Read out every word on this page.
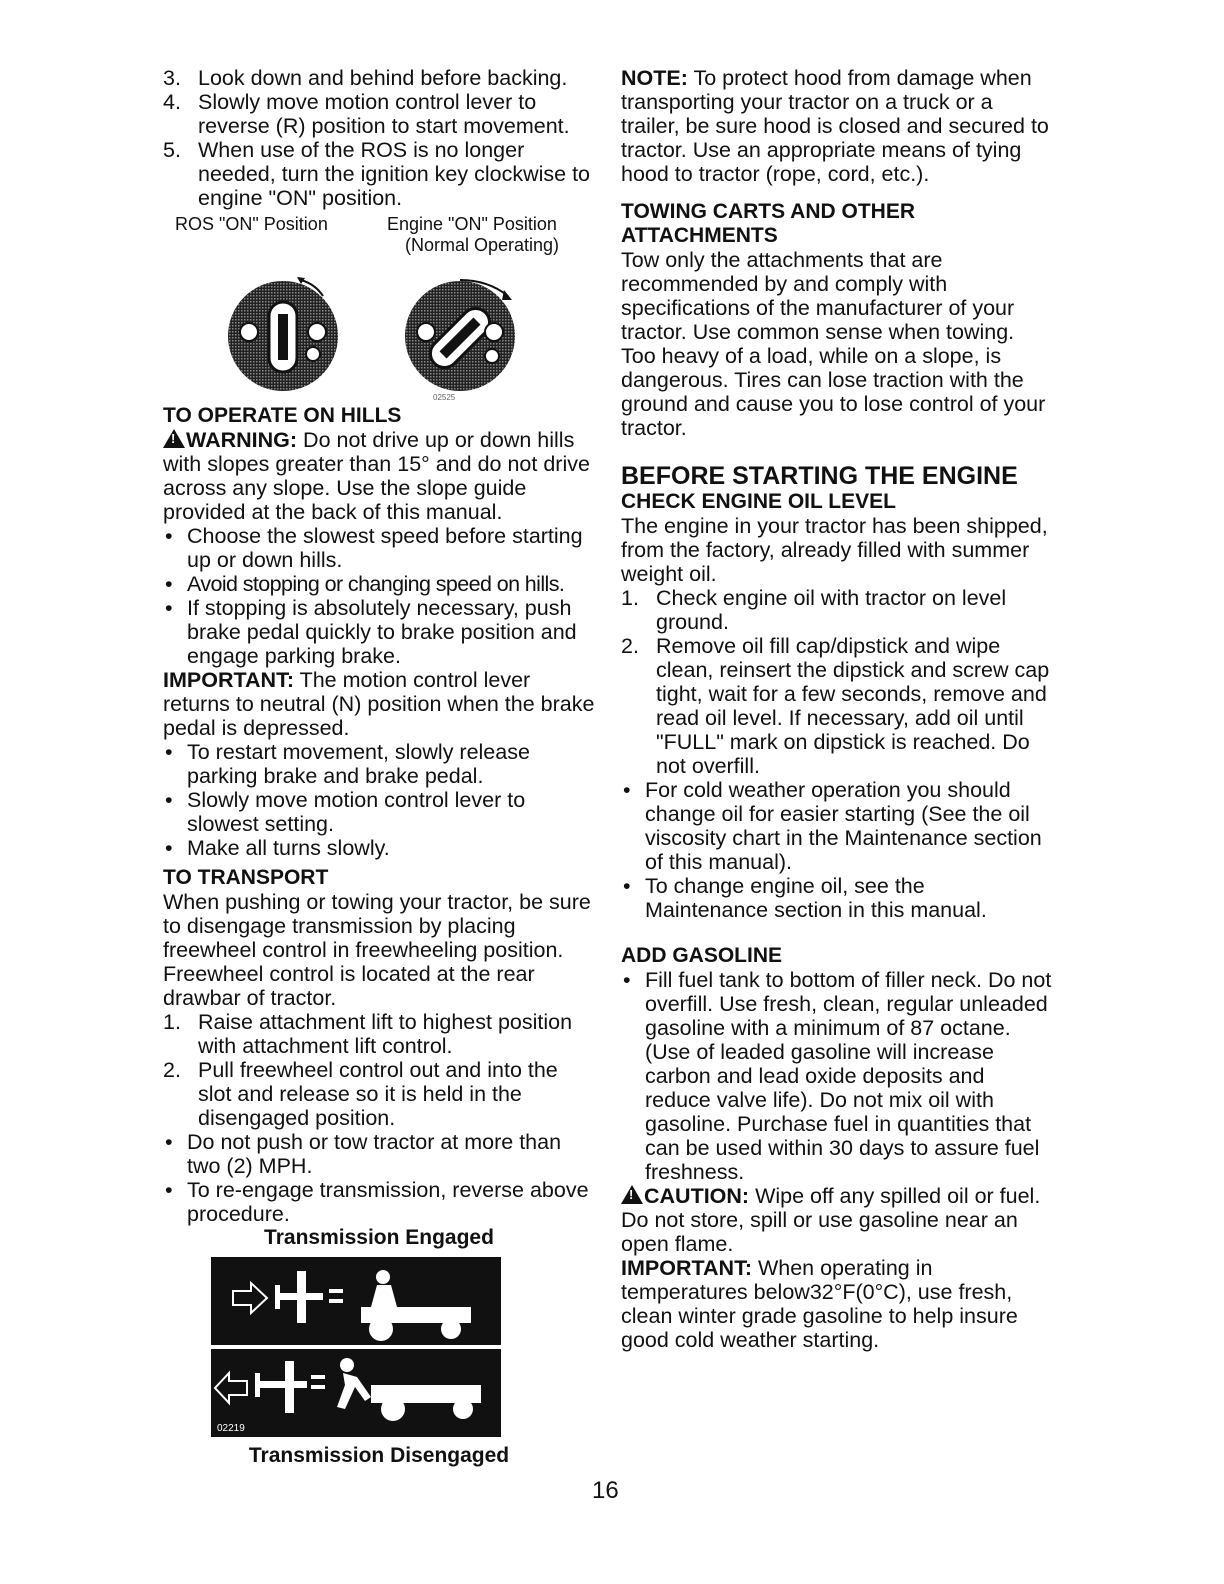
3. Look down and behind before backing.

4. Slowly move motion control lever to reverse (R) position to start movement.

5. When use of the ROS is no longer needed, turn the ignition key clockwise to engine "ON" position.

ROS "ON" Position	Engine "ON" Position
(Normal Operating)
02525
TO OPERATE ON HILLS

!WARNING: Do not drive up or down hills with slopes greater than 15° and do not drive across any slope. Use the slope guide provided at the back of this manual.

• Choose the slowest speed before starting up or down hills.

• Avoid stopping or changing speed on hills.

• If stopping is absolutely necessary, push brake pedal quickly to brake position and engage parking brake.

IMPORTANT: The motion control lever returns to neutral (N) position when the brake pedal is depressed.

• To restart movement, slowly release parking brake and brake pedal.

• Slowly move motion control lever to slowest setting.

• Make all turns slowly.

TO TRANSPORT

When pushing or towing your tractor, be sure to disengage transmission by placing freewheel control in freewheeling position. Freewheel control is located at the rear drawbar of tractor.

1. Raise attachment lift to highest position with attachment lift control.

2. Pull freewheel control out and into the slot and release so it is held in the disengaged position.

• Do not push or tow tractor at more than two (2) MPH.

• To re-engage transmission, reverse above procedure.

Transmission Engaged
02219
Transmission Disengaged

NOTE: To protect hood from damage when transporting your tractor on a truck or a trailer, be sure hood is closed and secured to tractor. Use an appropriate means of tying hood to tractor (rope, cord, etc.).

TOWING CARTS AND OTHER ATTACHMENTS

Tow only the attachments that are recommended by and comply with specifications of the manufacturer of your tractor. Use common sense when towing. Too heavy of a load, while on a slope, is dangerous. Tires can lose traction with the ground and cause you to lose control of your tractor.

BEFORE STARTING THE ENGINE
CHECK ENGINE OIL LEVEL

The engine in your tractor has been shipped, from the factory, already filled with summer weight oil.

1. Check engine oil with tractor on level ground.

2. Remove oil fill cap/dipstick and wipe clean, reinsert the dipstick and screw cap tight, wait for a few seconds, remove and read oil level. If necessary, add oil until "FULL" mark on dipstick is reached. Do not overfill.

• For cold weather operation you should change oil for easier starting (See the oil viscosity chart in the Maintenance section of this manual).

• To change engine oil, see the Maintenance section in this manual.

ADD GASOLINE

• Fill fuel tank to bottom of filler neck. Do not overfill. Use fresh, clean, regular unleaded gasoline with a minimum of 87 octane. (Use of leaded gasoline will increase carbon and lead oxide deposits and reduce valve life). Do not mix oil with gasoline. Purchase fuel in quantities that can be used within 30 days to assure fuel freshness.

!CAUTION: Wipe off any spilled oil or fuel. Do not store, spill or use gasoline near an open flame.

IMPORTANT: When operating in temperatures below32°F(0°C), use fresh, clean winter grade gasoline to help insure good cold weather starting.

16
